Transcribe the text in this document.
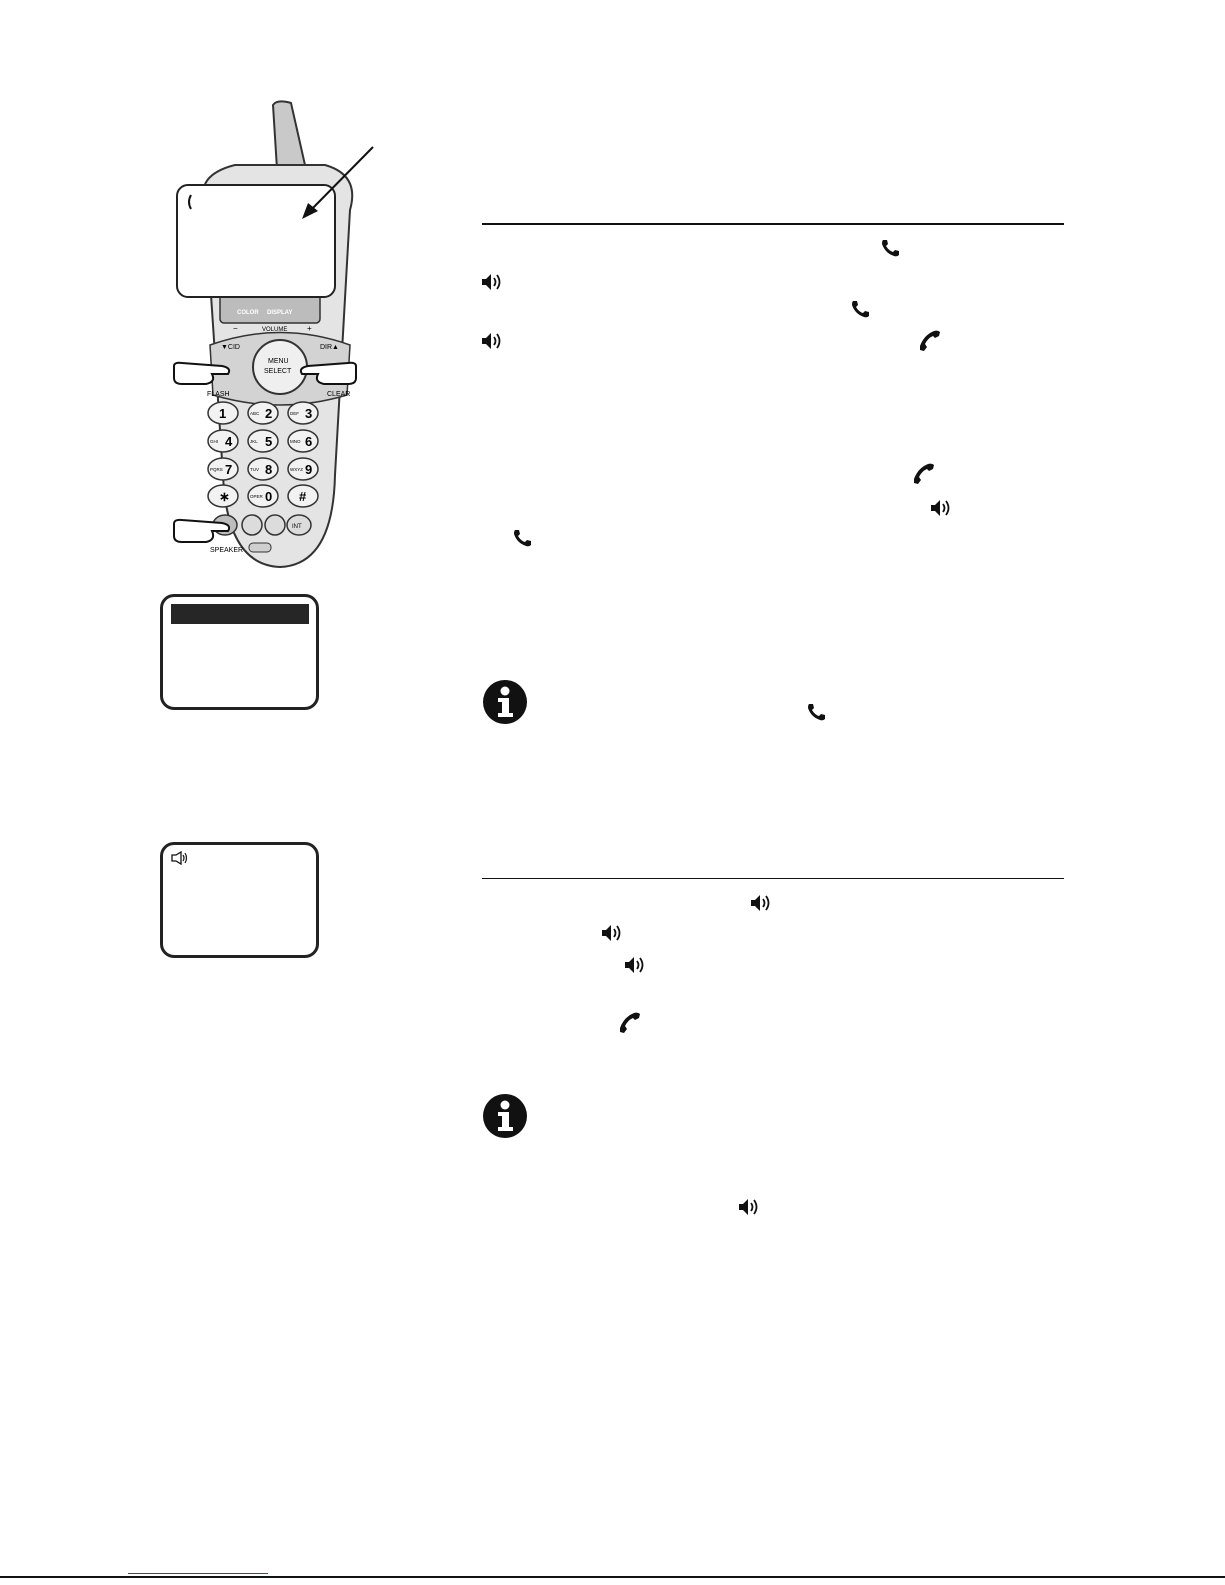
COLOR DISPLAY
−	VOLUME +
MENU
SELECT
▼CID	DIR▲
FLASH	CLEAR
1	ABC 2	DEF 3
GHI 4	JKL 5	MNO 6
PQRS 7	TUV 8	WXYZ 9
∗	OPER 0 #
INT
SPEAKER
